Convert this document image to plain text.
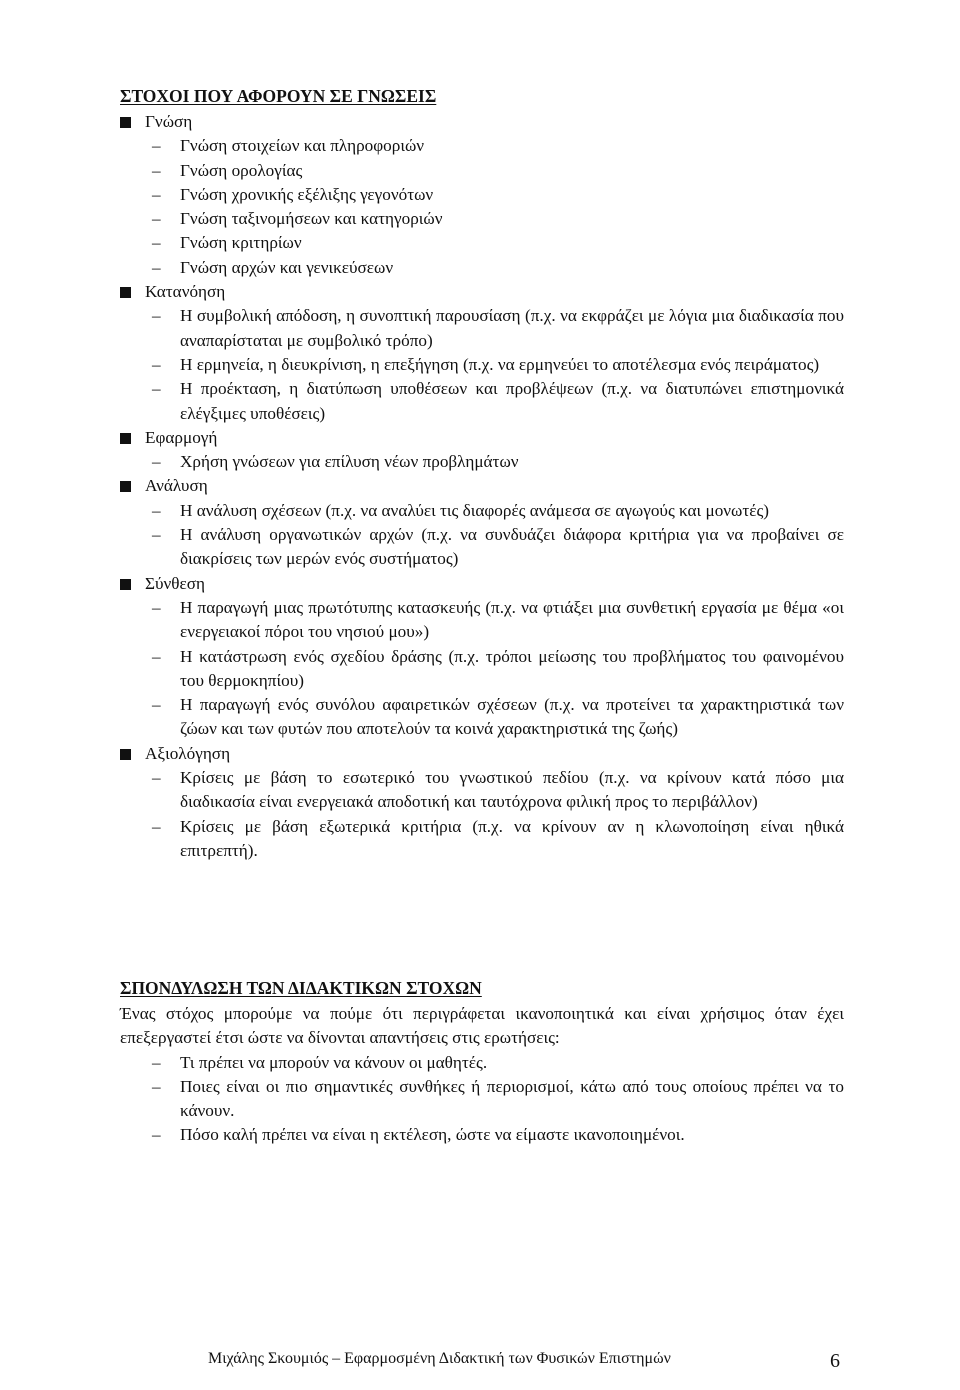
ΣΤΟΧΟΙ ΠΟΥ ΑΦΟΡΟΥΝ ΣΕ ΓΝΩΣΕΙΣ
Γνώση
–	Γνώση στοιχείων και πληροφοριών
–	Γνώση ορολογίας
–	Γνώση χρονικής εξέλιξης γεγονότων
–	Γνώση ταξινομήσεων και κατηγοριών
–	Γνώση κριτηρίων
–	Γνώση αρχών και γενικεύσεων
Κατανόηση
–	Η συμβολική απόδοση, η συνοπτική παρουσίαση (π.χ. να εκφράζει με λόγια μια διαδικασία που αναπαρίσταται με συμβολικό τρόπο)
–	Η ερμηνεία, η διευκρίνιση, η επεξήγηση (π.χ. να ερμηνεύει το αποτέλεσμα ενός πειράματος)
–	Η προέκταση, η διατύπωση υποθέσεων και προβλέψεων (π.χ. να διατυπώνει επιστημονικά ελέγξιμες υποθέσεις)
Εφαρμογή
–	Χρήση γνώσεων για επίλυση νέων προβλημάτων
Ανάλυση
–	Η ανάλυση σχέσεων (π.χ. να αναλύει τις διαφορές ανάμεσα σε αγωγούς και μονωτές)
–	Η ανάλυση οργανωτικών αρχών (π.χ. να συνδυάζει διάφορα κριτήρια για να προβαίνει σε διακρίσεις των μερών ενός συστήματος)
Σύνθεση
–	Η παραγωγή μιας πρωτότυπης κατασκευής (π.χ. να φτιάξει μια συνθετική εργασία με θέμα «οι ενεργειακοί πόροι του νησιού μου»)
–	Η κατάστρωση ενός σχεδίου δράσης (π.χ. τρόποι μείωσης του προβλήματος του φαινομένου του θερμοκηπίου)
–	Η παραγωγή ενός συνόλου αφαιρετικών σχέσεων (π.χ. να προτείνει τα χαρακτηριστικά των ζώων και των φυτών που αποτελούν τα κοινά χαρακτηριστικά της ζωής)
Αξιολόγηση
–	Κρίσεις με βάση το εσωτερικό του γνωστικού πεδίου (π.χ. να κρίνουν κατά πόσο μια διαδικασία είναι ενεργειακά αποδοτική και ταυτόχρονα φιλική προς το περιβάλλον)
–	Κρίσεις με βάση εξωτερικά κριτήρια (π.χ. να κρίνουν αν η κλωνοποίηση είναι ηθικά επιτρεπτή).
ΣΠΟΝΔΥΛΩΣΗ ΤΩΝ ΔΙΔΑΚΤΙΚΩΝ ΣΤΟΧΩΝ
Ένας στόχος μπορούμε να πούμε ότι περιγράφεται ικανοποιητικά και είναι χρήσιμος όταν έχει επεξεργαστεί έτσι ώστε να δίνονται απαντήσεις στις ερωτήσεις:
–	Τι πρέπει να μπορούν να κάνουν οι μαθητές.
–	Ποιες είναι οι πιο σημαντικές συνθήκες ή περιορισμοί, κάτω από τους οποίους πρέπει να το κάνουν.
–	Πόσο καλή πρέπει να είναι η εκτέλεση, ώστε να είμαστε ικανοποιημένοι.
Μιχάλης Σκουμιός – Εφαρμοσμένη Διδακτική των Φυσικών Επιστημών	6
